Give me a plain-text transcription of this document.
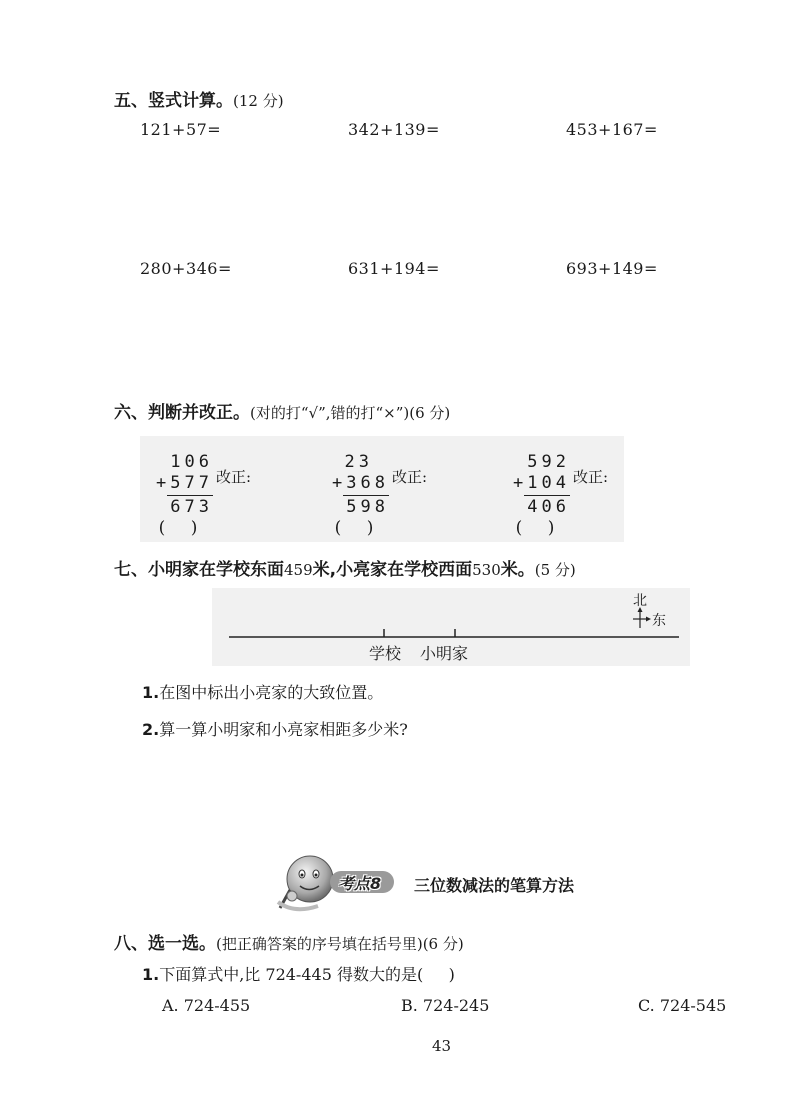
五、竖式计算。(12 分)
121+57=	342+139=	453+167=
280+346=	631+194=	693+149=
六、判断并改正。(对的打“√”,错的打“×”)(6 分)
106
+577
673
( )
改正:
23
+368
598
( )
改正:
592
+104
406
( )
改正:
七、小明家在学校东面459米,小亮家在学校西面530米。(5 分)
学校 小明家
北
东
1.在图中标出小亮家的大致位置。
2.算一算小明家和小亮家相距多少米?
考点8 三位数减法的笔算方法
八、选一选。(把正确答案的序号填在括号里)(6 分)
1.下面算式中,比 724-445 得数大的是(     )
A. 724-455	B. 724-245	C. 724-545
43
